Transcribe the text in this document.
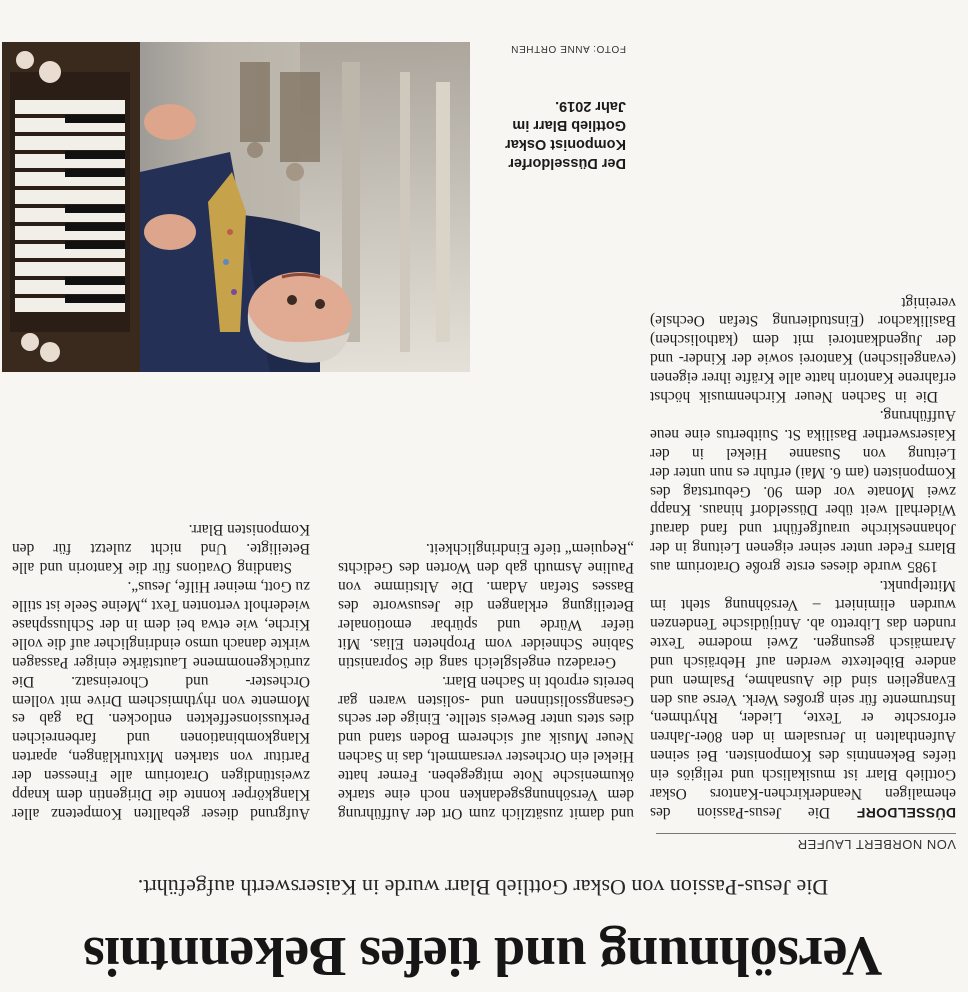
Versöhnung und tiefes Bekenntnis
Die Jesus-Passion von Oskar Gottlieb Blarr wurde in Kaiserswerth aufgeführt.
VON NORBERT LAUFER

DÜSSELDORF Die Jesus-Passion des ehemaligen Neanderkirchen-Kantors Oskar Gottlieb Blarr ist musikalisch und religiös ein tiefes Bekenntnis des Komponisten. Bei seinen Aufenthalten in Jerusalem in den 80er-Jahren erforschte er Texte, Lieder, Rhythmen, Instrumente für sein großes Werk. Verse aus den Evangelien sind die Ausnahme, Psalmen und andere Bibeltexte werden auf Hebräisch und Aramäisch gesungen. Zwei moderne Texte runden das Libretto ab. Antijüdische Tendenzen wurden eliminiert – Versöhnung steht im Mittelpunkt.

1985 wurde dieses erste große Oratorium aus Blarrs Feder unter seiner eigenen Leitung in der Johanneskirche uraufgeführt und fand darauf Widerhall weit über Düsseldorf hinaus. Knapp zwei Monate vor dem 90. Geburtstag des Komponisten (am 6. Mai) erfuhr es nun unter der Leitung von Susanne Hiekel in der Kaiserswerther Basilika St. Suitbertus eine neue Aufführung.

Die in Sachen Neuer Kirchenmusik höchst erfahrene Kantorin hatte alle Kräfte ihrer eigenen (evangelischen) Kantorei sowie der Kinder- und der Jugendkantorei mit dem (katholischen) Basilikachor (Einstudierung Stefan Oechsle) vereinigt

und damit zusätzlich zum Ort der Aufführung dem Versöhnungsgedanken noch eine starke ökumenische Note mitgegeben. Ferner hatte Hiekel ein Orchester versammelt, das in Sachen Neuer Musik auf sicherem Boden stand und dies stets unter Beweis stellte. Einige der sechs Gesangssolistinnen und -solisten waren gar bereits erprobt in Sachen Blarr.

Geradezu engelsgleich sang die Sopranistin Sabine Schneider vom Propheten Elias. Mit tiefer Würde und spürbar emotionaler Beteiligung erklangen die Jesusworte des Basses Stefan Adam. Die Altstimme von Pauline Asmuth gab den Worten des Gedichts „Requiem“ tiefe Eindringlichkeit.

Aufgrund dieser geballten Kompetenz aller Klangkörper konnte die Dirigentin dem knapp zweistündigen Oratorium alle Finessen der Partitur von starken Mixturklängen, aparten Klangkombinationen und farbenreichen Perkussionseffekten entlocken. Da gab es Momente von rhythmischem Drive mit vollem Orchester- und Choreinsatz. Die zurückgenommene Lautstärke einiger Passagen wirkte danach umso eindringlicher auf die volle Kirche, wie etwa bei dem in der Schlussphase wiederholt vertonten Text „Meine Seele ist stille zu Gott, meiner Hilfe, Jesus“.

Standing Ovations für die Kantorin und alle Beteiligte. Und nicht zuletzt für den Komponisten Blarr.

Der Düsseldorfer Komponist Oskar Gottlieb Blarr im Jahr 2019.
FOTO: ANNE ORTHEN
